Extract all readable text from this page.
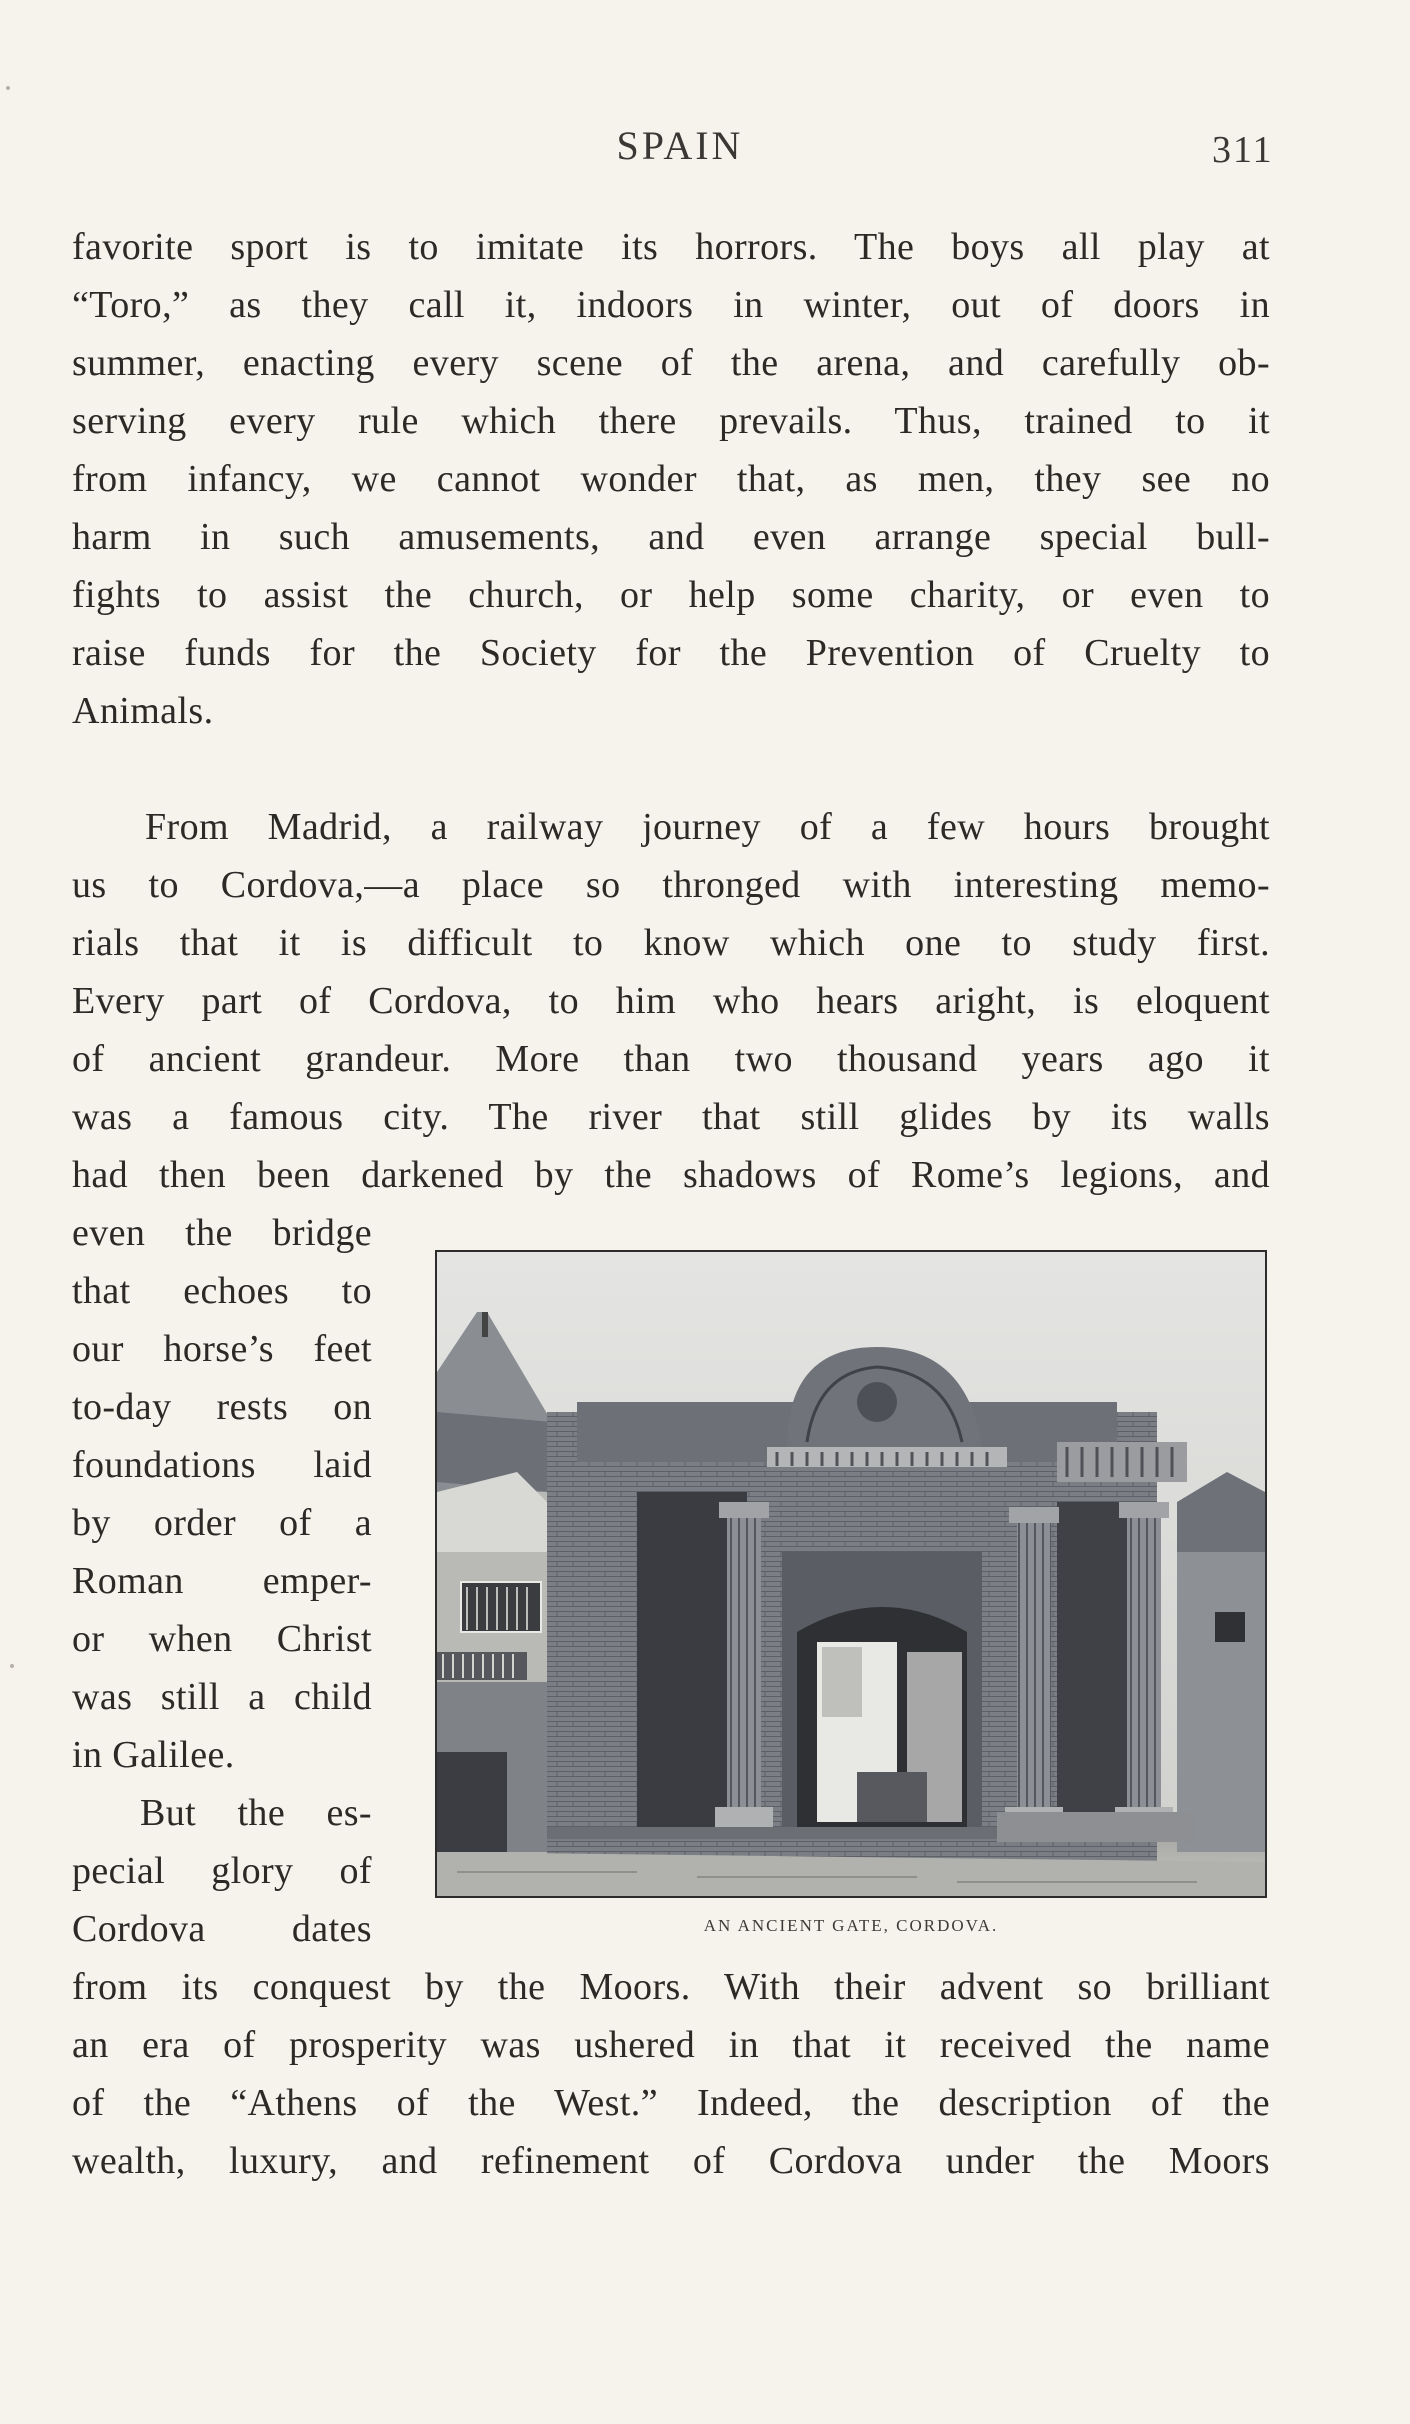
SPAIN	311
favorite sport is to imitate its horrors. The boys all play at
“Toro,” as they call it, indoors in winter, out of doors in
summer, enacting every scene of the arena, and carefully ob-
serving every rule which there prevails. Thus, trained to it
from infancy, we cannot wonder that, as men, they see no
harm in such amusements, and even arrange special bull-
fights to assist the church, or help some charity, or even to
raise funds for the Society for the Prevention of Cruelty to
Animals.
From Madrid, a railway journey of a few hours brought
us to Cordova,—a place so thronged with interesting memo-
rials that it is difficult to know which one to study first.
Every part of Cordova, to him who hears aright, is eloquent
of ancient grandeur. More than two thousand years ago it
was a famous city. The river that still glides by its walls
had then been darkened by the shadows of Rome’s legions, and
even the bridge
that echoes to
our horse’s feet
to-day rests on
foundations laid
by order of a
Roman emper-
or when Christ
was still a child
in Galilee.
But the es-
pecial glory of
Cordova dates
from its conquest by the Moors. With their advent so brilliant
an era of prosperity was ushered in that it received the name
of the “Athens of the West.” Indeed, the description of the
wealth, luxury, and refinement of Cordova under the Moors
AN ANCIENT GATE, CORDOVA.
